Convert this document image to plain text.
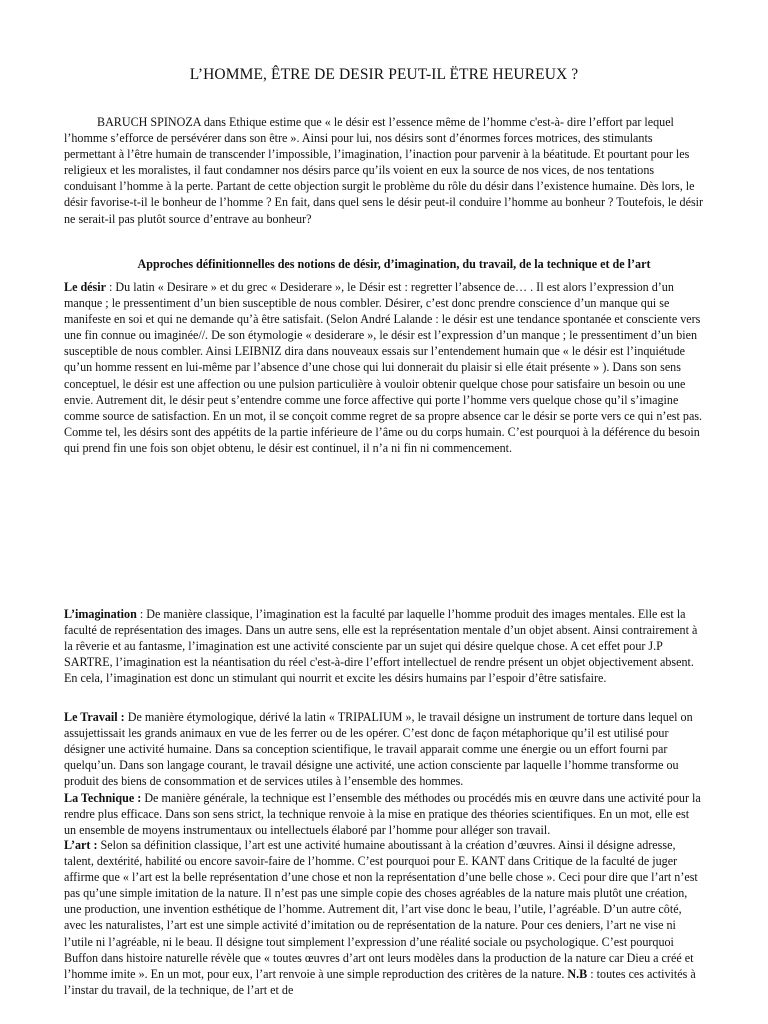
L’HOMME, ÊTRE DE DESIR PEUT-IL ËTRE HEUREUX ?

BARUCH SPINOZA dans Ethique estime que « le désir est l’essence même de l’homme c'est-à- dire l’effort par lequel l’homme s’efforce de persévérer dans son être ». Ainsi pour lui, nos désirs sont d’énormes forces motrices, des stimulants permettant à l’être humain de transcender l’impossible, l’imagination, l’inaction pour parvenir à la béatitude. Et pourtant pour les religieux et les moralistes, il faut condamner nos désirs parce qu’ils voient en eux la source de nos vices, de nos tentations conduisant l’homme à la perte. Partant de cette objection surgit le problème du rôle du désir dans l’existence humaine. Dès lors, le désir favorise-t-il le bonheur de l’homme ? En fait, dans quel sens le désir peut-il conduire l’homme au bonheur ? Toutefois, le désir ne serait-il pas plutôt source d’entrave au bonheur?

Approches définitionnelles des notions de désir, d’imagination, du travail, de la technique et de l’art

Le désir : Du latin « Desirare » et du grec « Desiderare », le Désir est : regretter l’absence de… . Il est alors l’expression d’un manque ; le pressentiment d’un bien susceptible de nous combler. Désirer, c’est donc prendre conscience d’un manque qui se manifeste en soi et qui ne demande qu’à être satisfait. (Selon André Lalande : le désir est une tendance spontanée et consciente vers une fin connue ou imaginée//. De son étymologie « desiderare », le désir est l’expression d’un manque ; le pressentiment d’un bien susceptible de nous combler. Ainsi LEIBNIZ dira dans nouveaux essais sur l’entendement humain que « le désir est l’inquiétude qu’un homme ressent en lui-même par l’absence d’une chose qui lui donnerait du plaisir si elle était présente » ). Dans son sens conceptuel, le désir est une affection ou une pulsion particulière à vouloir obtenir quelque chose pour satisfaire un besoin ou une envie. Autrement dit, le désir peut s’entendre comme une force affective qui porte l’homme vers quelque chose qu’il s’imagine comme source de satisfaction. En un mot, il se conçoit comme regret de sa propre absence car le désir se porte vers ce qui n’est pas. Comme tel, les désirs sont des appétits de la partie inférieure de l’âme ou du corps humain. C’est pourquoi à la déférence du besoin qui prend fin une fois son objet obtenu, le désir est continuel, il n’a ni fin ni commencement.

L’imagination : De manière classique, l’imagination est la faculté par laquelle l’homme produit des images mentales. Elle est la faculté de représentation des images. Dans un autre sens, elle est la représentation mentale d’un objet absent. Ainsi contrairement à la rêverie et au fantasme, l’imagination est une activité consciente par un sujet qui désire quelque chose. A cet effet pour J.P SARTRE, l’imagination est la néantisation du réel c'est-à-dire l’effort intellectuel de rendre présent un objet objectivement absent. En cela, l’imagination est donc un stimulant qui nourrit et excite les désirs humains par l’espoir d’être satisfaire.

Le Travail : De manière étymologique, dérivé la latin « TRIPALIUM », le travail désigne un instrument de torture dans lequel on assujettissait les grands animaux en vue de les ferrer ou de les opérer. C’est donc de façon métaphorique qu’il est utilisé pour désigner une activité humaine. Dans sa conception scientifique, le travail apparait comme une énergie ou un effort fourni par quelqu’un. Dans son langage courant, le travail désigne une activité, une action consciente par laquelle l’homme transforme ou produit des biens de consommation et de services utiles à l’ensemble des hommes.

La Technique : De manière générale, la technique est l’ensemble des méthodes ou procédés mis en œuvre dans une activité pour la rendre plus efficace. Dans son sens strict, la technique renvoie à la mise en pratique des théories scientifiques. En un mot, elle est un ensemble de moyens instrumentaux ou intellectuels élaboré par l’homme pour alléger son travail.

L’art : Selon sa définition classique, l’art est une activité humaine aboutissant à la création d’œuvres. Ainsi il désigne adresse, talent, dextérité, habilité ou encore savoir-faire de l’homme. C’est pourquoi pour E. KANT dans Critique de la faculté de juger affirme que « l’art est la belle représentation d’une chose et non la représentation d’une belle chose ». Ceci pour dire que l’art n’est pas qu’une simple imitation de la nature. Il n’est pas une simple copie des choses agréables de la nature mais plutôt une création, une production, une invention esthétique de l’homme. Autrement dit, l’art vise donc le beau, l’utile, l’agréable. D’un autre côté, avec les naturalistes, l’art est une simple activité d’imitation ou de représentation de la nature. Pour ces deniers, l’art ne vise ni l’utile ni l’agréable, ni le beau. Il désigne tout simplement l’expression d’une réalité sociale ou psychologique. C’est pourquoi Buffon dans histoire naturelle révèle que « toutes œuvres d’art ont leurs modèles dans la production de la nature car Dieu a créé et l’homme imite ». En un mot, pour eux, l’art renvoie à une simple reproduction des critères de la nature. N.B : toutes ces activités à l’instar du travail, de la technique, de l’art et de
